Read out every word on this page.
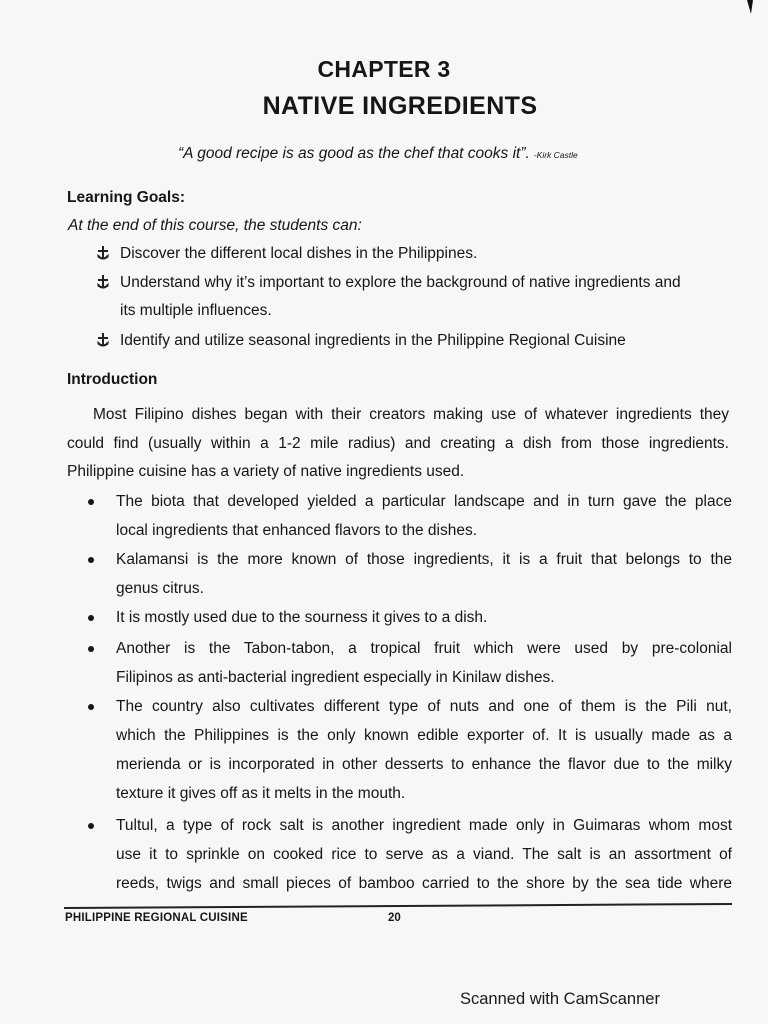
CHAPTER 3
NATIVE INGREDIENTS
“A good recipe is as good as the chef that cooks it”. -Kirk Castle
Learning Goals:
At the end of this course, the students can:
Discover the different local dishes in the Philippines.
Understand why it’s important to explore the background of native ingredients and
its multiple influences.
Identify and utilize seasonal ingredients in the Philippine Regional Cuisine
Introduction
Most Filipino dishes began with their creators making use of whatever ingredients they
could find (usually within a 1-2 mile radius) and creating a dish from those ingredients.
Philippine cuisine has a variety of native ingredients used.
The biota that developed yielded a particular landscape and in turn gave the place
local ingredients that enhanced flavors to the dishes.
Kalamansi is the more known of those ingredients, it is a fruit that belongs to the
genus citrus.
It is mostly used due to the sourness it gives to a dish.
Another is the Tabon-tabon, a tropical fruit which were used by pre-colonial
Filipinos as anti-bacterial ingredient especially in Kinilaw dishes.
The country also cultivates different type of nuts and one of them is the Pili nut,
which the Philippines is the only known edible exporter of. It is usually made as a
merienda or is incorporated in other desserts to enhance the flavor due to the milky
texture it gives off as it melts in the mouth.
Tultul, a type of rock salt is another ingredient made only in Guimaras whom most
use it to sprinkle on cooked rice to serve as a viand. The salt is an assortment of
reeds, twigs and small pieces of bamboo carried to the shore by the sea tide where
PHILIPPINE REGIONAL CUISINE	20
Scanned with CamScanner
